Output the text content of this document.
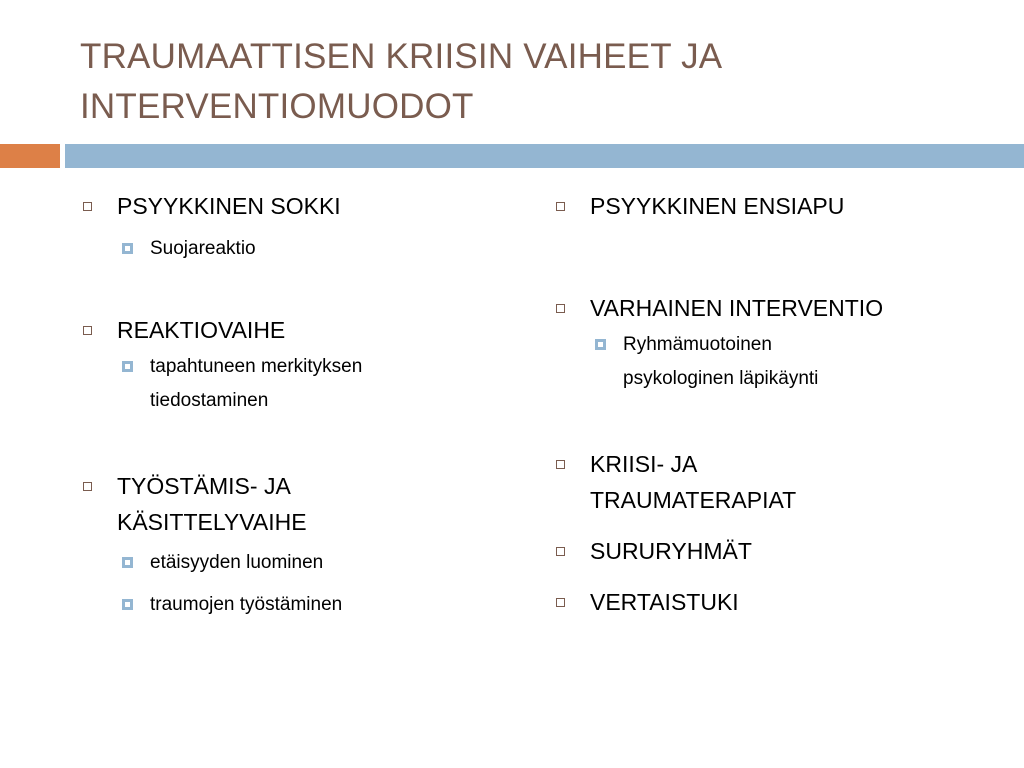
TRAUMAATTISEN KRIISIN VAIHEET JA
INTERVENTIOMUODOT
PSYYKKINEN SOKKI
Suojareaktio
REAKTIOVAIHE
tapahtuneen merkityksen
tiedostaminen
TYÖSTÄMIS- JA
KÄSITTELYVAIHE
etäisyyden luominen
traumojen työstäminen
PSYYKKINEN ENSIAPU
VARHAINEN INTERVENTIO
Ryhmämuotoinen
psykologinen läpikäynti
KRIISI- JA
TRAUMATERAPIAT
SURURYHMÄT
VERTAISTUKI
